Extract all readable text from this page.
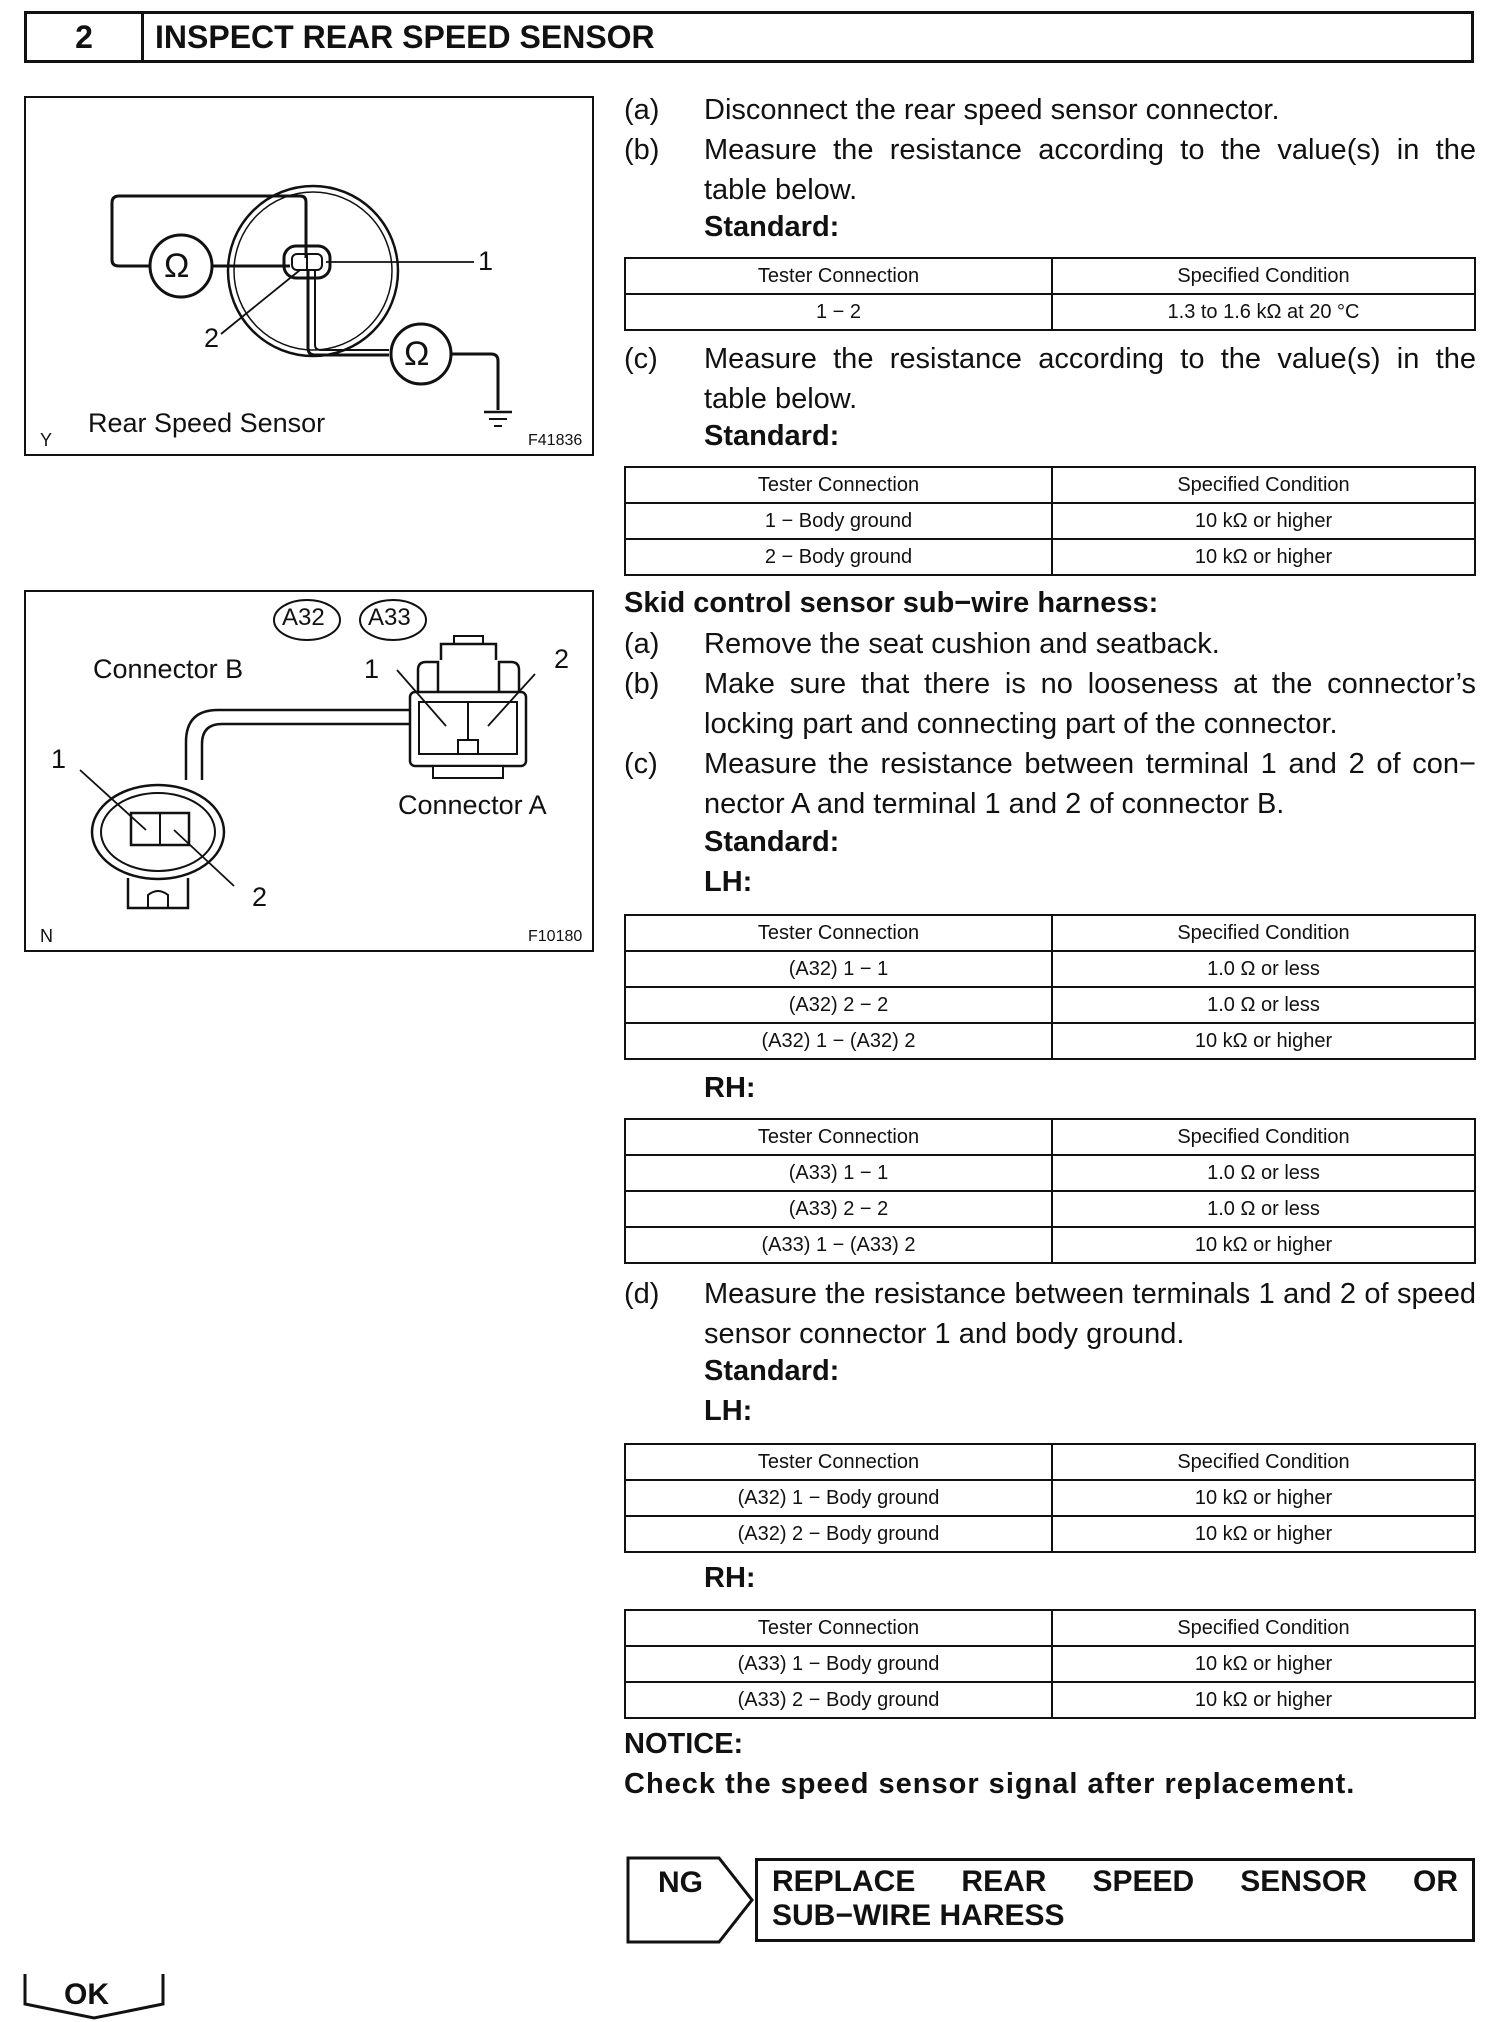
2	INSPECT REAR SPEED SENSOR
Ω
Ω
1
2
Rear Speed Sensor
Y	F41836
A32 A33
Connector B
Connector A
1	2
1
2
N	F10180
(a) Disconnect the rear speed sensor connector.
(b) Measure the resistance according to the value(s) in the table below.
Standard:
Tester Connection	Specified Condition
1 − 2	1.3 to 1.6 kΩ at 20 °C
(c) Measure the resistance according to the value(s) in the table below.
Standard:
Tester Connection	Specified Condition
1 − Body ground	10 kΩ or higher
2 − Body ground	10 kΩ or higher
Skid control sensor sub−wire harness:
(a) Remove the seat cushion and seatback.
(b) Make sure that there is no looseness at the connector’s locking part and connecting part of the connector.
(c) Measure the resistance between terminal 1 and 2 of con− nector A and terminal 1 and 2 of connector B.
Standard:
LH:
Tester Connection	Specified Condition
(A32) 1 − 1	1.0 Ω or less
(A32) 2 − 2	1.0 Ω or less
(A32) 1 − (A32) 2	10 kΩ or higher
RH:
Tester Connection	Specified Condition
(A33) 1 − 1	1.0 Ω or less
(A33) 2 − 2	1.0 Ω or less
(A33) 1 − (A33) 2	10 kΩ or higher
(d) Measure the resistance between terminals 1 and 2 of speed sensor connector 1 and body ground.
Standard:
LH:
Tester Connection	Specified Condition
(A32) 1 − Body ground	10 kΩ or higher
(A32) 2 − Body ground	10 kΩ or higher
RH:
Tester Connection	Specified Condition
(A33) 1 − Body ground	10 kΩ or higher
(A33) 2 − Body ground	10 kΩ or higher
NOTICE:
Check the speed sensor signal after replacement.
NG REPLACE REAR SPEED SENSOR OR
SUB−WIRE HARESS
OK
